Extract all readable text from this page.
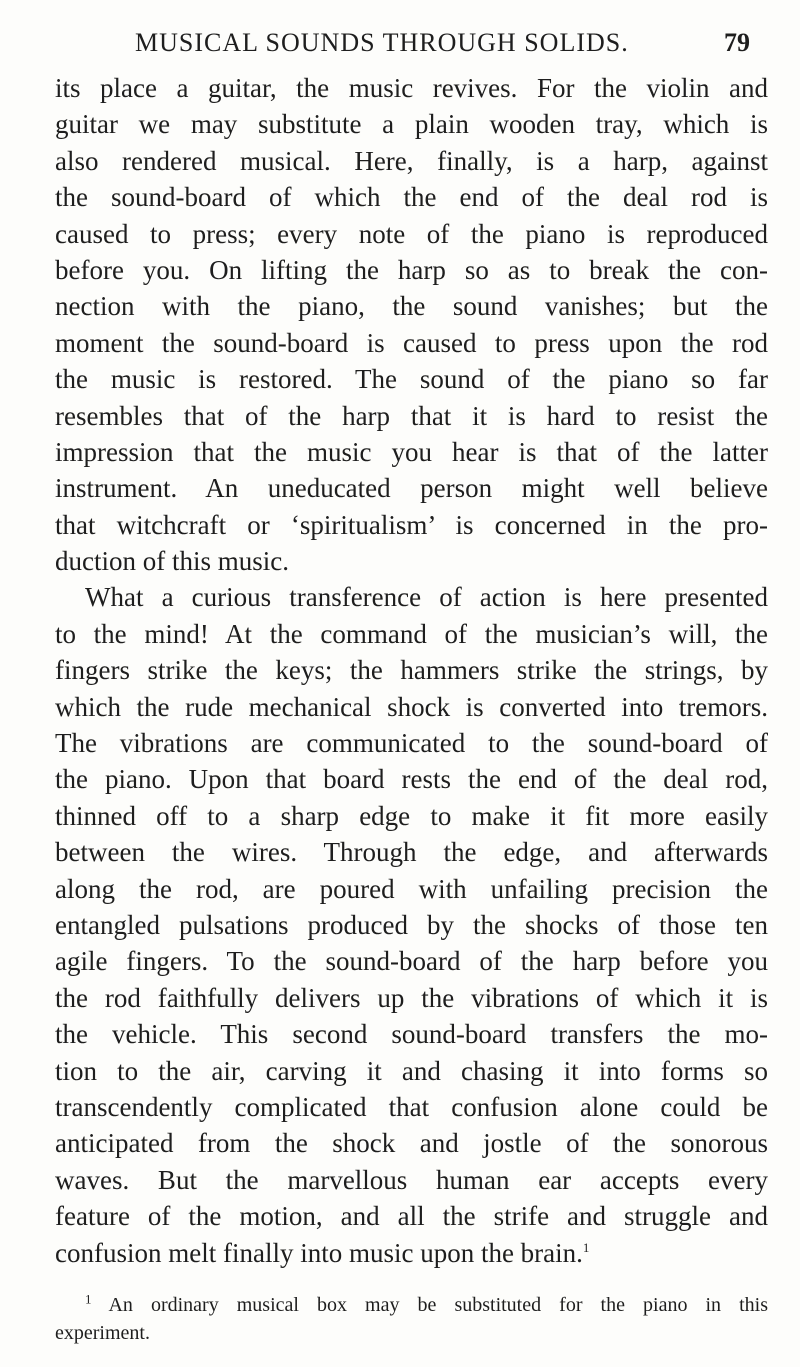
MUSICAL SOUNDS THROUGH SOLIDS.	79
its place a guitar, the music revives. For the violin and
guitar we may substitute a plain wooden tray, which is
also rendered musical. Here, finally, is a harp, against
the sound-board of which the end of the deal rod is
caused to press; every note of the piano is reproduced
before you. On lifting the harp so as to break the con-
nection with the piano, the sound vanishes; but the
moment the sound-board is caused to press upon the rod
the music is restored. The sound of the piano so far
resembles that of the harp that it is hard to resist the
impression that the music you hear is that of the latter
instrument. An uneducated person might well believe
that witchcraft or ‘spiritualism’ is concerned in the pro-
duction of this music.
What a curious transference of action is here presented
to the mind! At the command of the musician’s will, the
fingers strike the keys; the hammers strike the strings, by
which the rude mechanical shock is converted into tremors.
The vibrations are communicated to the sound-board of
the piano. Upon that board rests the end of the deal rod,
thinned off to a sharp edge to make it fit more easily
between the wires. Through the edge, and afterwards
along the rod, are poured with unfailing precision the
entangled pulsations produced by the shocks of those ten
agile fingers. To the sound-board of the harp before you
the rod faithfully delivers up the vibrations of which it is
the vehicle. This second sound-board transfers the mo-
tion to the air, carving it and chasing it into forms so
transcendently complicated that confusion alone could be
anticipated from the shock and jostle of the sonorous
waves. But the marvellous human ear accepts every
feature of the motion, and all the strife and struggle and
confusion melt finally into music upon the brain.$^1$
$^1$ An ordinary musical box may be substituted for the piano in this
experiment.
